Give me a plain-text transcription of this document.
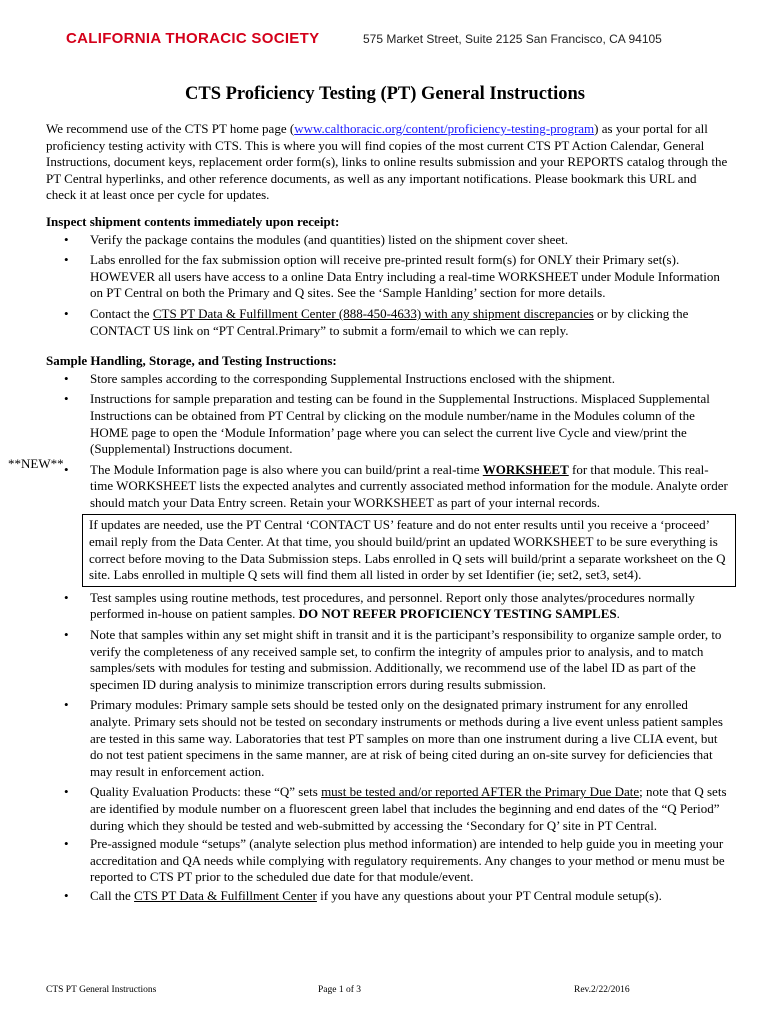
CALIFORNIA THORACIC SOCIETY	575 Market Street, Suite 2125 San Francisco, CA 94105
CTS Proficiency Testing (PT) General Instructions
**NEW**

We recommend use of the CTS PT home page (www.calthoracic.org/content/proficiency-testing-program) as your portal for all proficiency testing activity with CTS. This is where you will find copies of the most current CTS PT Action Calendar, General Instructions, document keys, replacement order form(s), links to online results submission and your REPORTS catalog through the PT Central hyperlinks, and other reference documents, as well as any important notifications. Please bookmark this URL and check it at least once per cycle for updates.

Inspect shipment contents immediately upon receipt:

• Verify the package contains the modules (and quantities) listed on the shipment cover sheet.
• Labs enrolled for the fax submission option will receive pre-printed result form(s) for ONLY their Primary set(s). HOWEVER all users have access to a online Data Entry including a real-time WORKSHEET under Module Information on PT Central on both the Primary and Q sites. See the ‘Sample Hanlding’ section for more details.
• Contact the CTS PT Data & Fulfillment Center (888-450-4633) with any shipment discrepancies or by clicking the CONTACT US link on “PT Central.Primary” to submit a form/email to which we can reply.

Sample Handling, Storage, and Testing Instructions:

• Store samples according to the corresponding Supplemental Instructions enclosed with the shipment.
• Instructions for sample preparation and testing can be found in the Supplemental Instructions. Misplaced Supplemental Instructions can be obtained from PT Central by clicking on the module number/name in the Modules column of the HOME page to open the ‘Module Information’ page where you can select the current live Cycle and view/print the (Supplemental) Instructions document.
• The Module Information page is also where you can build/print a real-time WORKSHEET for that module. This real-time WORKSHEET lists the expected analytes and currently associated method information for the module. Analyte order should match your Data Entry screen. Retain your WORKSHEET as part of your internal records.
If updates are needed, use the PT Central ‘CONTACT US’ feature and do not enter results until you receive a ‘proceed’ email reply from the Data Center. At that time, you should build/print an updated WORKSHEET to be sure everything is correct before moving to the Data Submission steps. Labs enrolled in Q sets will build/print a separate worksheet on the Q site. Labs enrolled in multiple Q sets will find them all listed in order by set Identifier (ie; set2, set3, set4).
• Test samples using routine methods, test procedures, and personnel. Report only those analytes/procedures normally performed in-house on patient samples. DO NOT REFER PROFICIENCY TESTING SAMPLES.
• Note that samples within any set might shift in transit and it is the participant’s responsibility to organize sample order, to verify the completeness of any received sample set, to confirm the integrity of ampules prior to analysis, and to match samples/sets with modules for testing and submission. Additionally, we recommend use of the label ID as part of the specimen ID during analysis to minimize transcription errors during results submission.
• Primary modules: Primary sample sets should be tested only on the designated primary instrument for any enrolled analyte. Primary sets should not be tested on secondary instruments or methods during a live event unless patient samples are tested in this same way. Laboratories that test PT samples on more than one instrument during a live CLIA event, but do not test patient specimens in the same manner, are at risk of being cited during an on-site survey for deficiencies that may result in enforcement action.
• Quality Evaluation Products: these “Q” sets must be tested and/or reported AFTER the Primary Due Date; note that Q sets are identified by module number on a fluorescent green label that includes the beginning and end dates of the “Q Period” during which they should be tested and web-submitted by accessing the ‘Secondary for Q’ site in PT Central.
• Pre-assigned module “setups” (analyte selection plus method information) are intended to help guide you in meeting your accreditation and QA needs while complying with regulatory requirements. Any changes to your method or menu must be reported to CTS PT prior to the scheduled due date for that module/event.
• Call the CTS PT Data & Fulfillment Center if you have any questions about your PT Central module setup(s).
CTS PT General Instructions	Page 1 of 3	Rev.2/22/2016
